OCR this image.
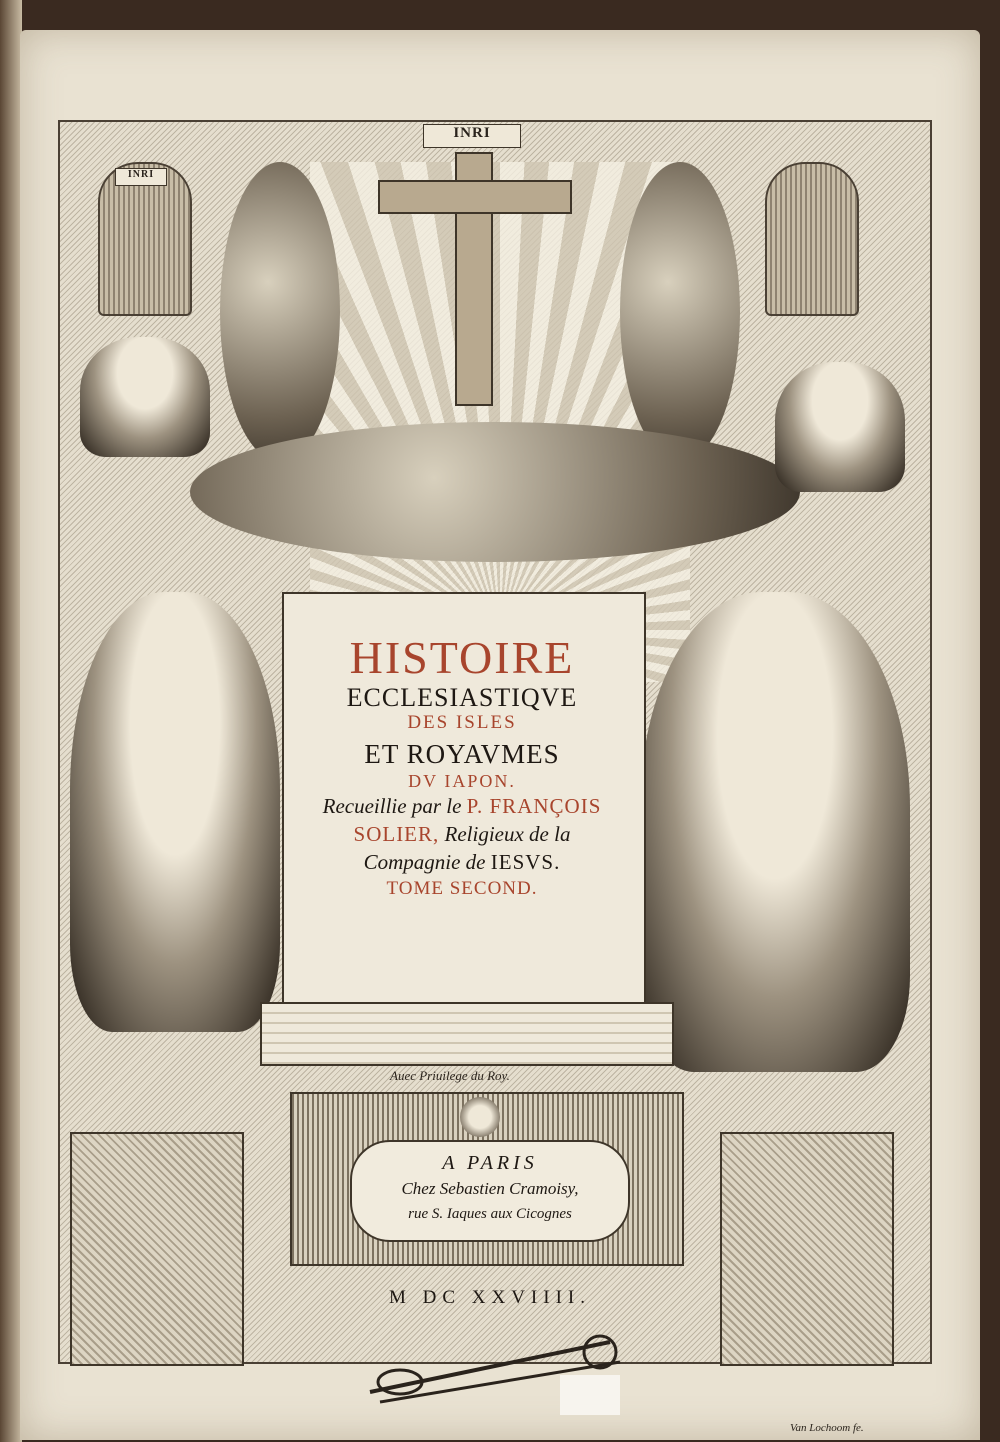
INRI
INRI
HISTOIRE
ECCLESIASTIQVE
DES ISLES
ET ROYAVMES
DV IAPON.
Recueillie par le P. FRANÇOIS
SOLIER, Religieux de la
Compagnie de IESVS.
TOME SECOND.
Auec Priuilege du Roy.
A PARIS
Chez Sebastien Cramoisy,
rue S. Iaques aux Cicognes
M DC XXVIIII.
Van Lochoom fe.
